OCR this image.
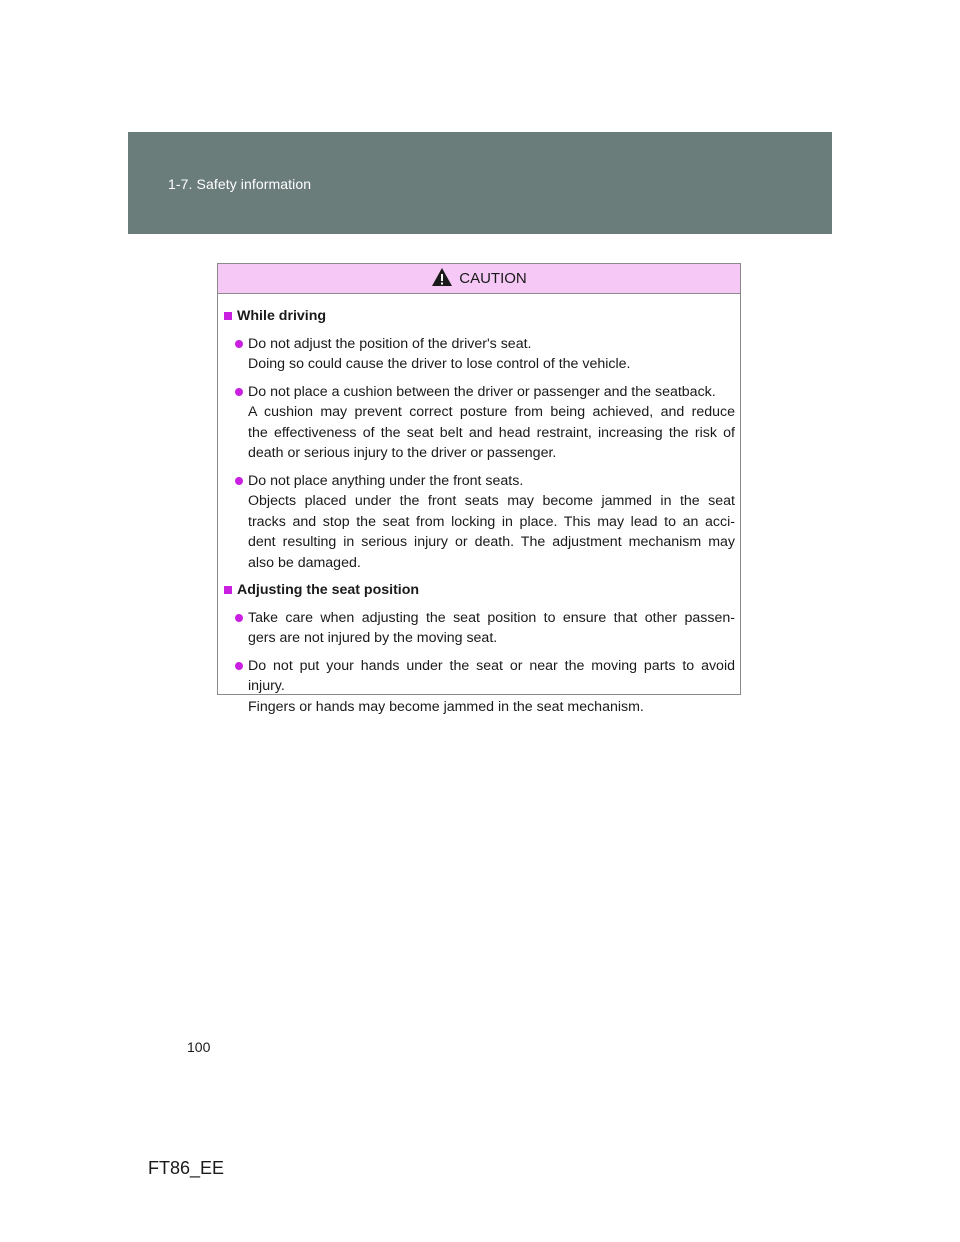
1-7. Safety information
CAUTION
While driving
Do not adjust the position of the driver's seat.
Doing so could cause the driver to lose control of the vehicle.
Do not place a cushion between the driver or passenger and the seatback.
A cushion may prevent correct posture from being achieved, and reduce
the effectiveness of the seat belt and head restraint, increasing the risk of
death or serious injury to the driver or passenger.
Do not place anything under the front seats.
Objects placed under the front seats may become jammed in the seat
tracks and stop the seat from locking in place. This may lead to an acci-
dent resulting in serious injury or death. The adjustment mechanism may
also be damaged.
Adjusting the seat position
Take care when adjusting the seat position to ensure that other passen-
gers are not injured by the moving seat.
Do not put your hands under the seat or near the moving parts to avoid
injury.
Fingers or hands may become jammed in the seat mechanism.
100
FT86_EE
